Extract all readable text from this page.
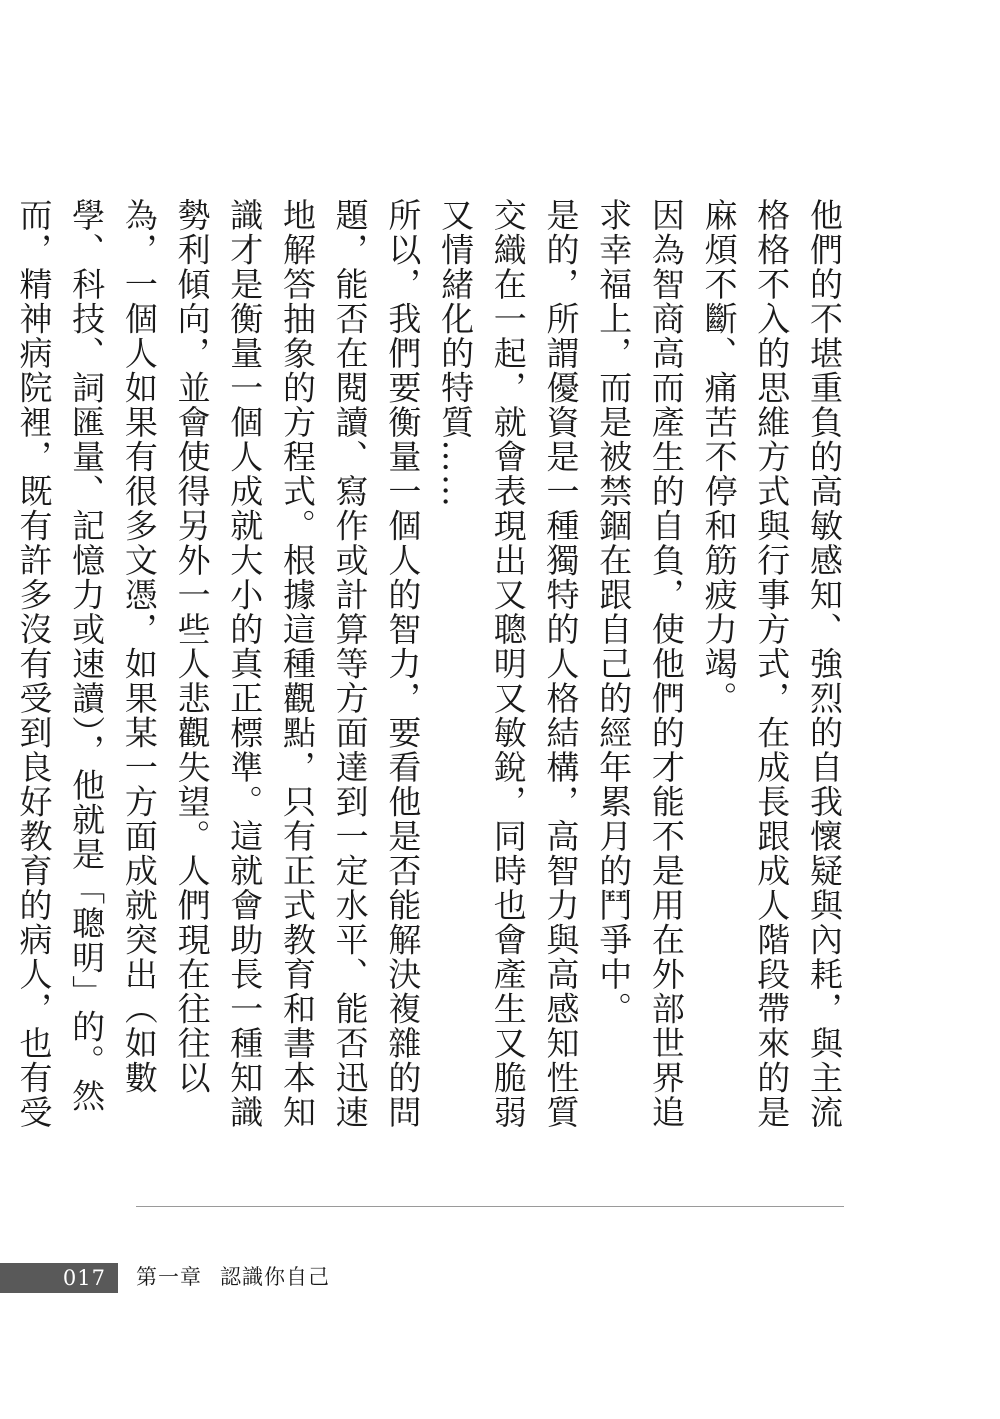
他們的不堪重負的高敏感知、強烈的自我懷疑與內耗，與主流格格不入的思維方式與行事方式，在成長跟成人階段帶來的是麻煩不斷、痛苦不停和筋疲力竭。

因為智商高而產生的自負，使他們的才能不是用在外部世界追求幸福上，而是被禁錮在跟自己的經年累月的鬥爭中。

是的，所謂優資是一種獨特的人格結構，高智力與高感知性質交織在一起，就會表現出又聰明又敏銳，同時也會產生又脆弱又情緒化的特質……

所以，我們要衡量一個人的智力，要看他是否能解決複雜的問題，能否在閱讀、寫作或計算等方面達到一定水平、能否迅速地解答抽象的方程式。根據這種觀點，只有正式教育和書本知識才是衡量一個人成就大小的真正標準。這就會助長一種知識勢利傾向，並會使得另外一些人悲觀失望。人們現在往往以為，一個人如果有很多文憑，如果某一方面成就突出（如數學、科技、詞匯量、記憶力或速讀），他就是「聰明」的。然而，精神病院裡，既有許多沒有受到良好教育的病人，也有受

017 第一章 認識你自己
